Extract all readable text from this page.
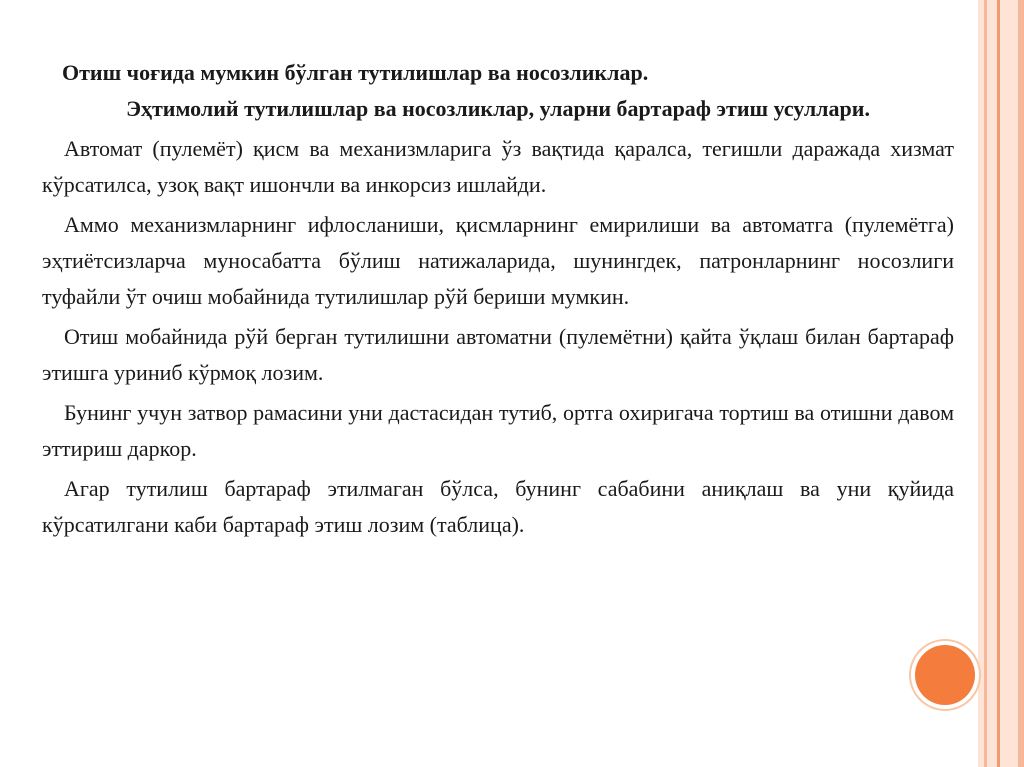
Отиш чоғида мумкин бўлган тутилишлар ва носозликлар.

Эҳтимолий тутилишлар ва носозликлар, уларни бартараф этиш усуллари.

Автомат (пулемёт) қисм ва механизмларига ўз вақтида қаралса, тегишли даражада хизмат кўрсатилса, узоқ вақт ишончли ва инкорсиз ишлайди.

Аммо механизмларнинг ифлосланиши, қисмларнинг емирилиши ва автоматга (пулемётга) эҳтиётсизларча муносабатта бўлиш натижаларида, шунингдек, патронларнинг носозлиги туфайли ўт очиш мобайнида тутилишлар рўй бериши мумкин.

Отиш мобайнида рўй берган тутилишни автоматни (пулемётни) қайта ўқлаш билан бартараф этишга уриниб кўрмоқ лозим.

Бунинг учун затвор рамасини уни дастасидан тутиб, ортга охиригача тортиш ва отишни давом эттириш даркор.

Агар тутилиш бартараф этилмаган бўлса, бунинг сабабини аниқлаш ва уни қуйида кўрсатилгани каби бартараф этиш лозим (таблица).
